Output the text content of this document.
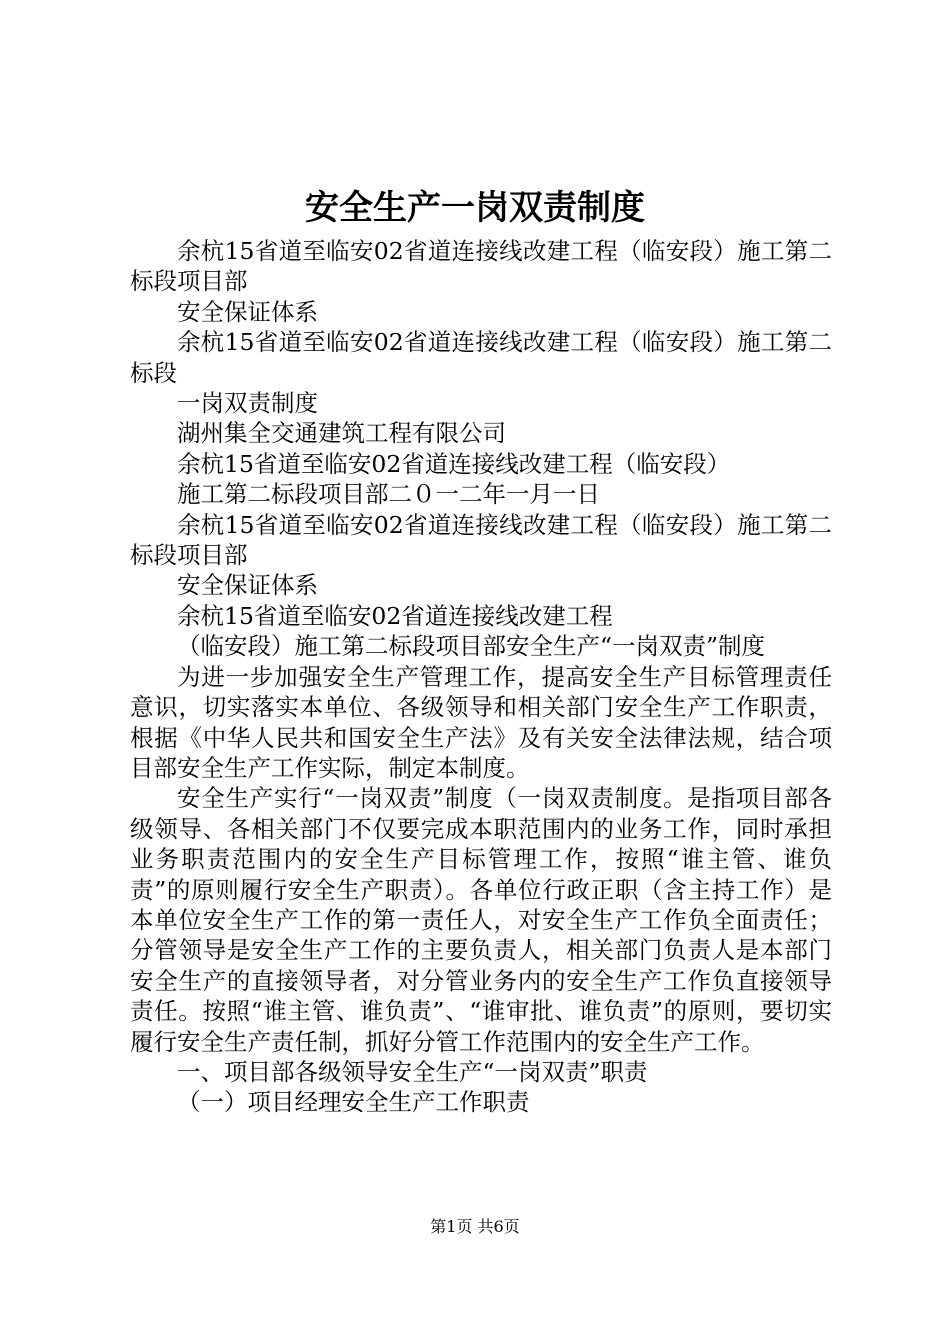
安全生产一岗双责制度

余杭15省道至临安02省道连接线改建工程（临安段）施工第二标段项目部

安全保证体系

余杭15省道至临安02省道连接线改建工程（临安段）施工第二标段

一岗双责制度

湖州集全交通建筑工程有限公司

余杭15省道至临安02省道连接线改建工程（临安段）

施工第二标段项目部二０一二年一月一日

余杭15省道至临安02省道连接线改建工程（临安段）施工第二标段项目部

安全保证体系

余杭15省道至临安02省道连接线改建工程

（临安段）施工第二标段项目部安全生产“一岗双责”制度

为进一步加强安全生产管理工作，提高安全生产目标管理责任意识，切实落实本单位、各级领导和相关部门安全生产工作职责，根据《中华人民共和国安全生产法》及有关安全法律法规，结合项目部安全生产工作实际，制定本制度。

安全生产实行“一岗双责”制度（一岗双责制度。是指项目部各级领导、各相关部门不仅要完成本职范围内的业务工作，同时承担业务职责范围内的安全生产目标管理工作，按照“谁主管、谁负责”的原则履行安全生产职责）。各单位行政正职（含主持工作）是本单位安全生产工作的第一责任人，对安全生产工作负全面责任；分管领导是安全生产工作的主要负责人，相关部门负责人是本部门安全生产的直接领导者，对分管业务内的安全生产工作负直接领导责任。按照“谁主管、谁负责”、“谁审批、谁负责”的原则，要切实履行安全生产责任制，抓好分管工作范围内的安全生产工作。

一、项目部各级领导安全生产“一岗双责”职责

（一）项目经理安全生产工作职责

第1页 共6页
